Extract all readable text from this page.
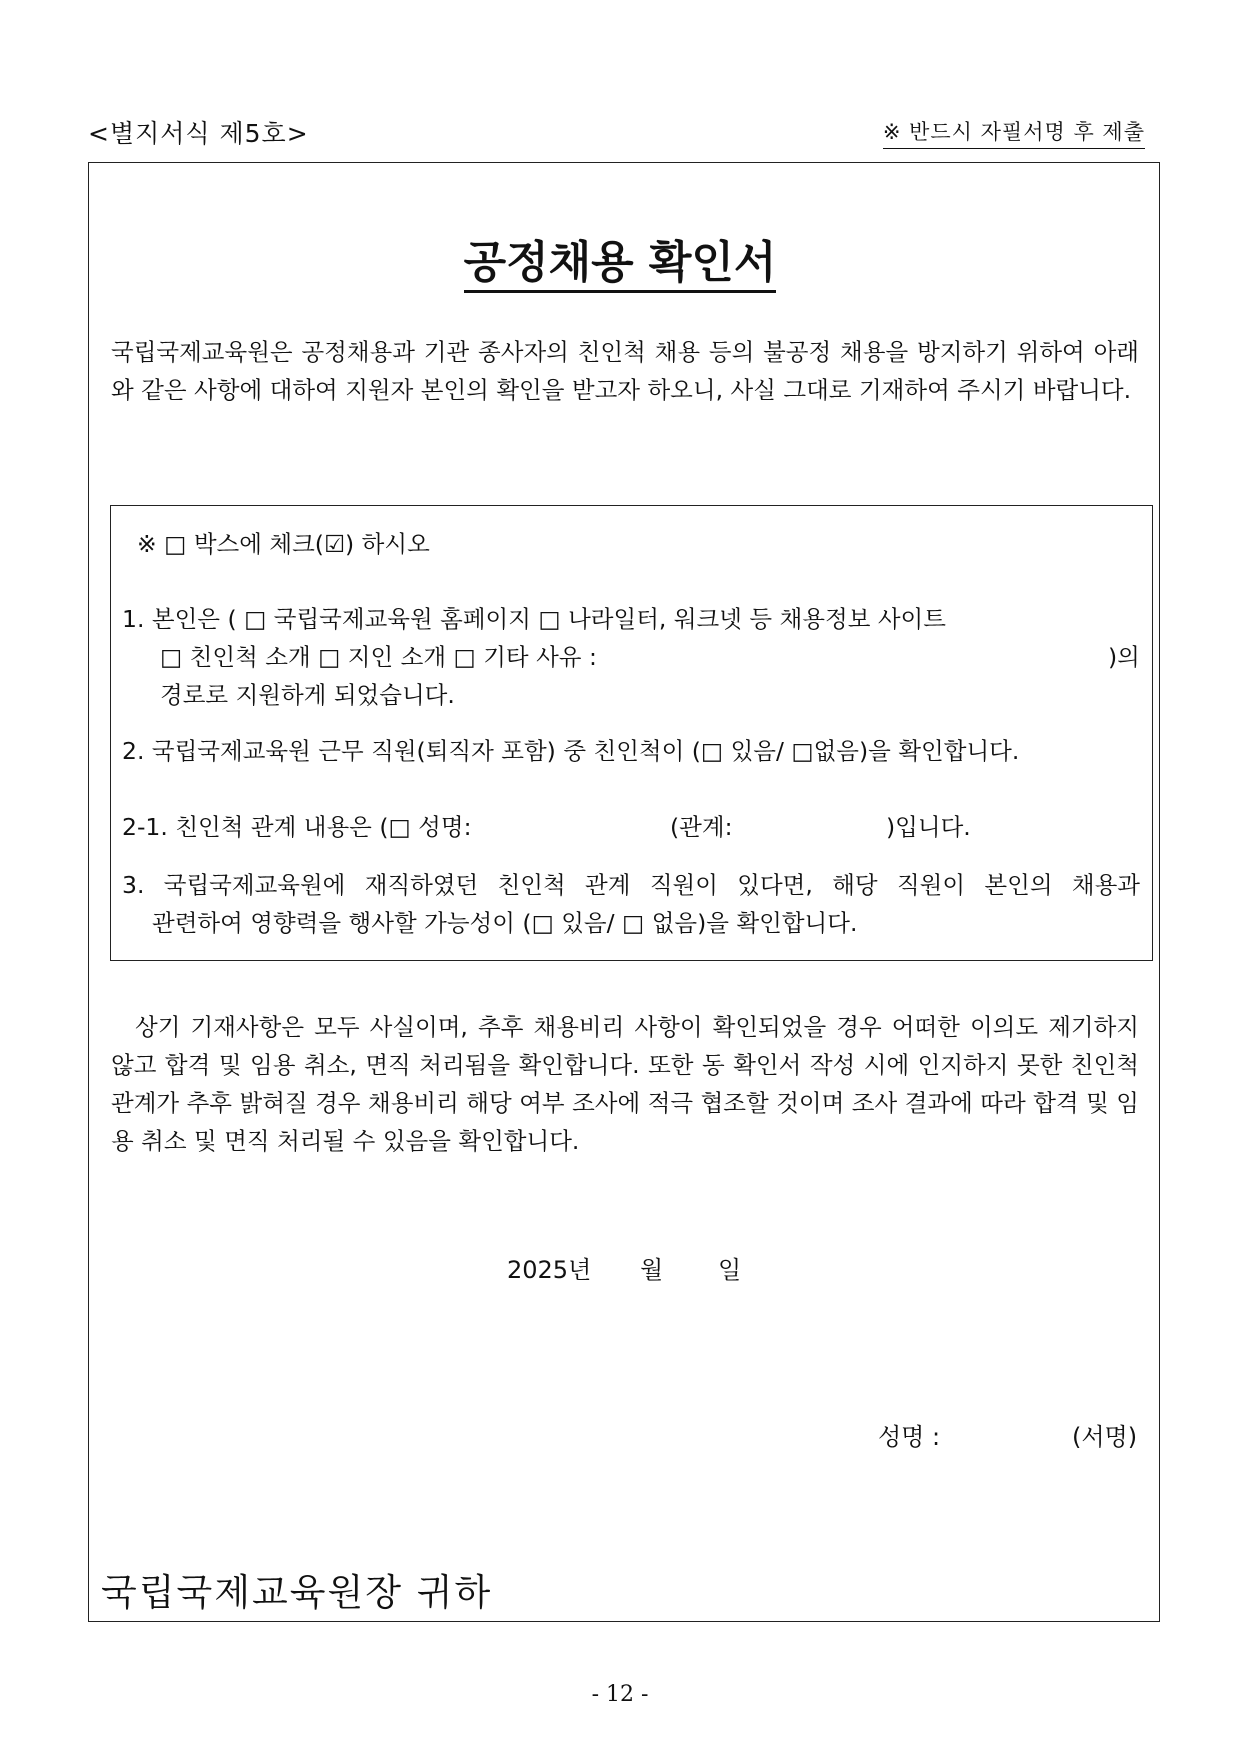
<별지서식 제5호>	※ 반드시 자필서명 후 제출
공정채용 확인서
국립국제교육원은 공정채용과 기관 종사자의 친인척 채용 등의 불공정 채용을 방지하기 위하여 아래와 같은 사항에 대하여 지원자 본인의 확인을 받고자 하오니, 사실 그대로 기재하여 주시기 바랍니다.
※ □ 박스에 체크(☑) 하시오
1. 본인은 ( □ 국립국제교육원 홈페이지 □ 나라일터, 워크넷 등 채용정보 사이트
□ 친인척 소개 □ 지인 소개 □ 기타 사유 :	)의
경로로 지원하게 되었습니다.
2. 국립국제교육원 근무 직원(퇴직자 포함) 중 친인척이 (□ 있음/ □없음)을 확인합니다.
2-1. 친인척 관계 내용은 (□ 성명:	(관계:	)입니다.
3. 국립국제교육원에 재직하였던 친인척 관계 직원이 있다면, 해당 직원이 본인의 채용과
관련하여 영향력을 행사할 가능성이 (□ 있음/ □ 없음)을 확인합니다.
상기 기재사항은 모두 사실이며, 추후 채용비리 사항이 확인되었을 경우 어떠한 이의도 제기하지 않고 합격 및 임용 취소, 면직 처리됨을 확인합니다. 또한 동 확인서 작성 시에 인지하지 못한 친인척 관계가 추후 밝혀질 경우 채용비리 해당 여부 조사에 적극 협조할 것이며 조사 결과에 따라 합격 및 임용 취소 및 면직 처리될 수 있음을 확인합니다.
2025년 월 일
성명 :	(서명)
국립국제교육원장 귀하
- 12 -
